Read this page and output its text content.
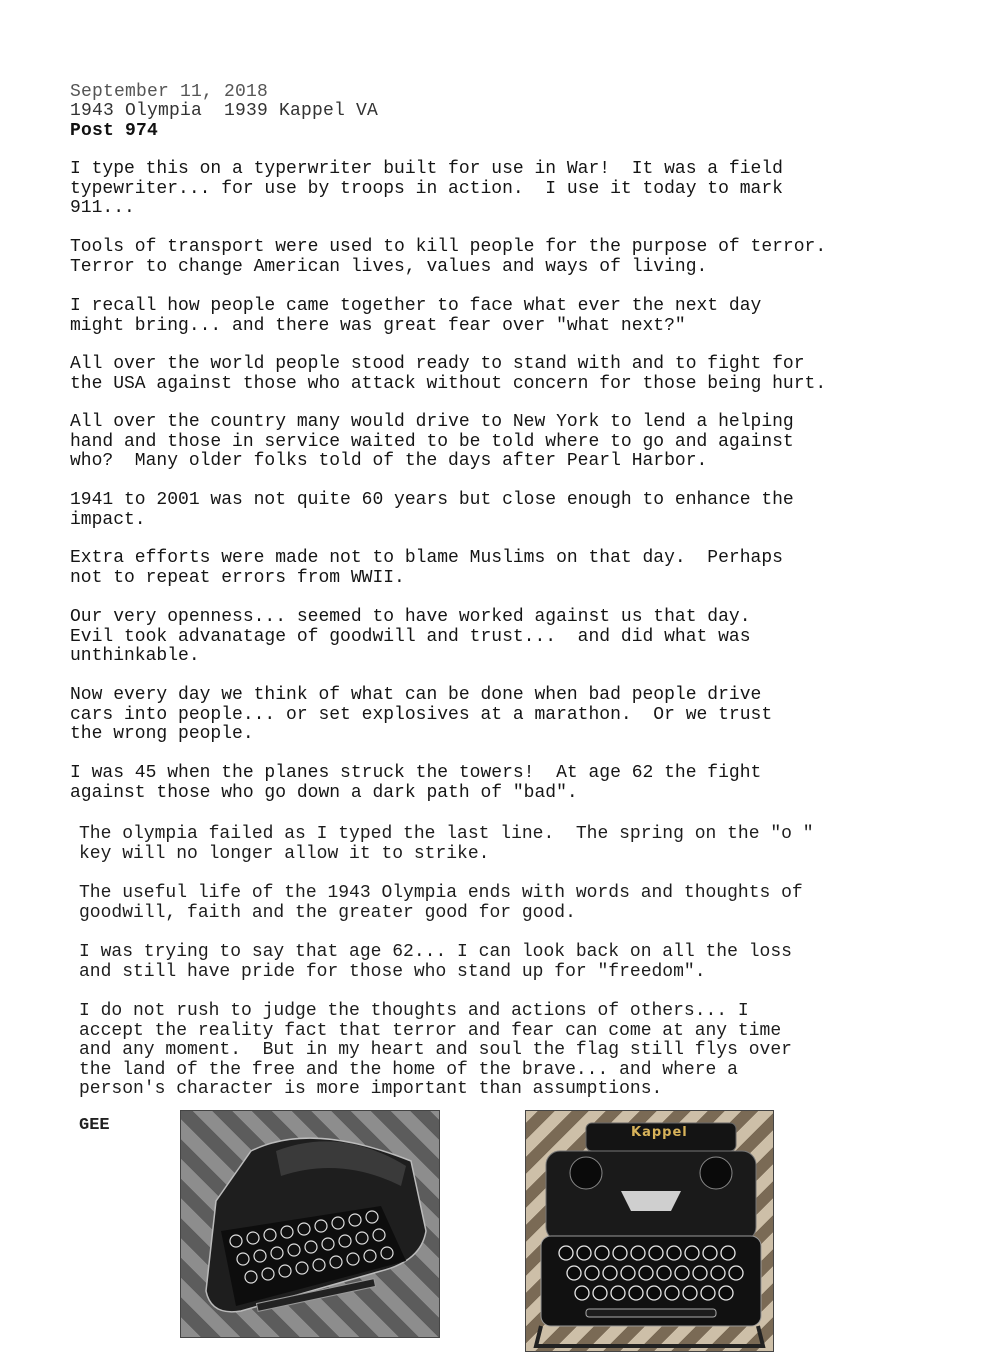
September 11, 2018
1943 Olympia  1939 Kappel VA
Post 974
I type this on a typerwriter built for use in War!  It was a field
typewriter... for use by troops in action.  I use it today to mark
911...
Tools of transport were used to kill people for the purpose of terror.
Terror to change American lives, values and ways of living.
I recall how people came together to face what ever the next day
might bring... and there was great fear over "what next?"
All over the world people stood ready to stand with and to fight for
the USA against those who attack without concern for those being hurt.
All over the country many would drive to New York to lend a helping
hand and those in service waited to be told where to go and against
who?  Many older folks told of the days after Pearl Harbor.
1941 to 2001 was not quite 60 years but close enough to enhance the
impact.
Extra efforts were made not to blame Muslims on that day.  Perhaps
not to repeat errors from WWII.
Our very openness... seemed to have worked against us that day.
Evil took advanatage of goodwill and trust...  and did what was
unthinkable.
Now every day we think of what can be done when bad people drive
cars into people... or set explosives at a marathon.  Or we trust
the wrong people.
I was 45 when the planes struck the towers!  At age 62 the fight
against those who go down a dark path of "bad".
The olympia failed as I typed the last line.  The spring on the "o "
key will no longer allow it to strike.
The useful life of the 1943 Olympia ends with words and thoughts of
goodwill, faith and the greater good for good.
I was trying to say that age 62... I can look back on all the loss
and still have pride for those who stand up for "freedom".
I do not rush to judge the thoughts and actions of others... I
accept the reality fact that terror and fear can come at any time
and any moment.  But in my heart and soul the flag still flys over
the land of the free and the home of the brave... and where a
person's character is more important than assumptions.
GEE	Kappel
